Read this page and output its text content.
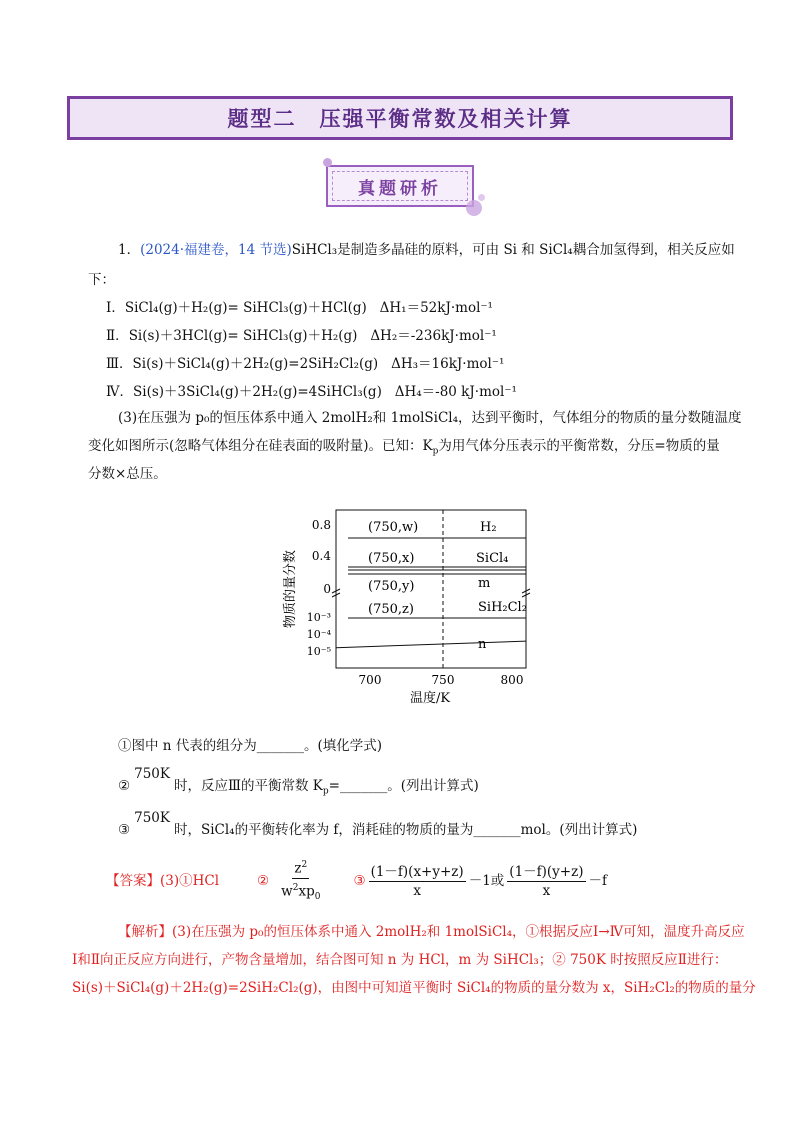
题型二　压强平衡常数及相关计算
真题研析
1．(2024·福建卷，14 节选)SiHCl₃是制造多晶硅的原料，可由 Si 和 SiCl₄耦合加氢得到，相关反应如
下：
Ⅰ．SiCl₄(g)＋H₂(g)= SiHCl₃(g)＋HCl(g) ΔH₁＝52kJ·mol⁻¹
Ⅱ．Si(s)＋3HCl(g)= SiHCl₃(g)＋H₂(g) ΔH₂＝-236kJ·mol⁻¹
Ⅲ．Si(s)＋SiCl₄(g)＋2H₂(g)=2SiH₂Cl₂(g) ΔH₃＝16kJ·mol⁻¹
Ⅳ．Si(s)＋3SiCl₄(g)＋2H₂(g)=4SiHCl₃(g) ΔH₄＝-80 kJ·mol⁻¹
(3)在压强为 p₀的恒压体系中通入 2molH₂和 1molSiCl₄，达到平衡时，气体组分的物质的量分数随温度
变化如图所示(忽略气体组分在硅表面的吸附量)。已知：$K_p$为用气体分压表示的平衡常数，分压=物质的量
分数×总压。
(750,w)
(750,x)
(750,y)
(750,z)
H₂
SiCl₄
m
SiH₂Cl₂
n
0.8
0.4
0
10⁻³
10⁻⁴
10⁻⁵
700	750	800
温度/K
物质的量分数
①图中 n 代表的组分为_______。(填化学式)
②750K时，反应Ⅲ的平衡常数 $K_p=\_\_\_\_\_\_\_$。(列出计算式)
③750K时，SiCl₄的平衡转化率为 f，消耗硅的物质的量为_______mol。(列出计算式)
【答案】(3)①HCl	② $\frac{z^2}{w^2xp_0}$ ③ $\frac{(1-f)(x+y+z)}{x} -1$或 $\frac{(1-f)(y+z)}{x} -f$
【解析】(3)在压强为 p₀的恒压体系中通入 2molH₂和 1molSiCl₄，①根据反应Ⅰ→Ⅳ可知，温度升高反应
Ⅰ和Ⅱ向正反应方向进行，产物含量增加，结合图可知 n 为 HCl，m 为 SiHCl₃；② 750K 时按照反应Ⅱ进行：
Si(s)＋SiCl₄(g)＋2H₂(g)=2SiH₂Cl₂(g)，由图中可知道平衡时 SiCl₄的物质的量分数为 x，SiH₂Cl₂的物质的量分
